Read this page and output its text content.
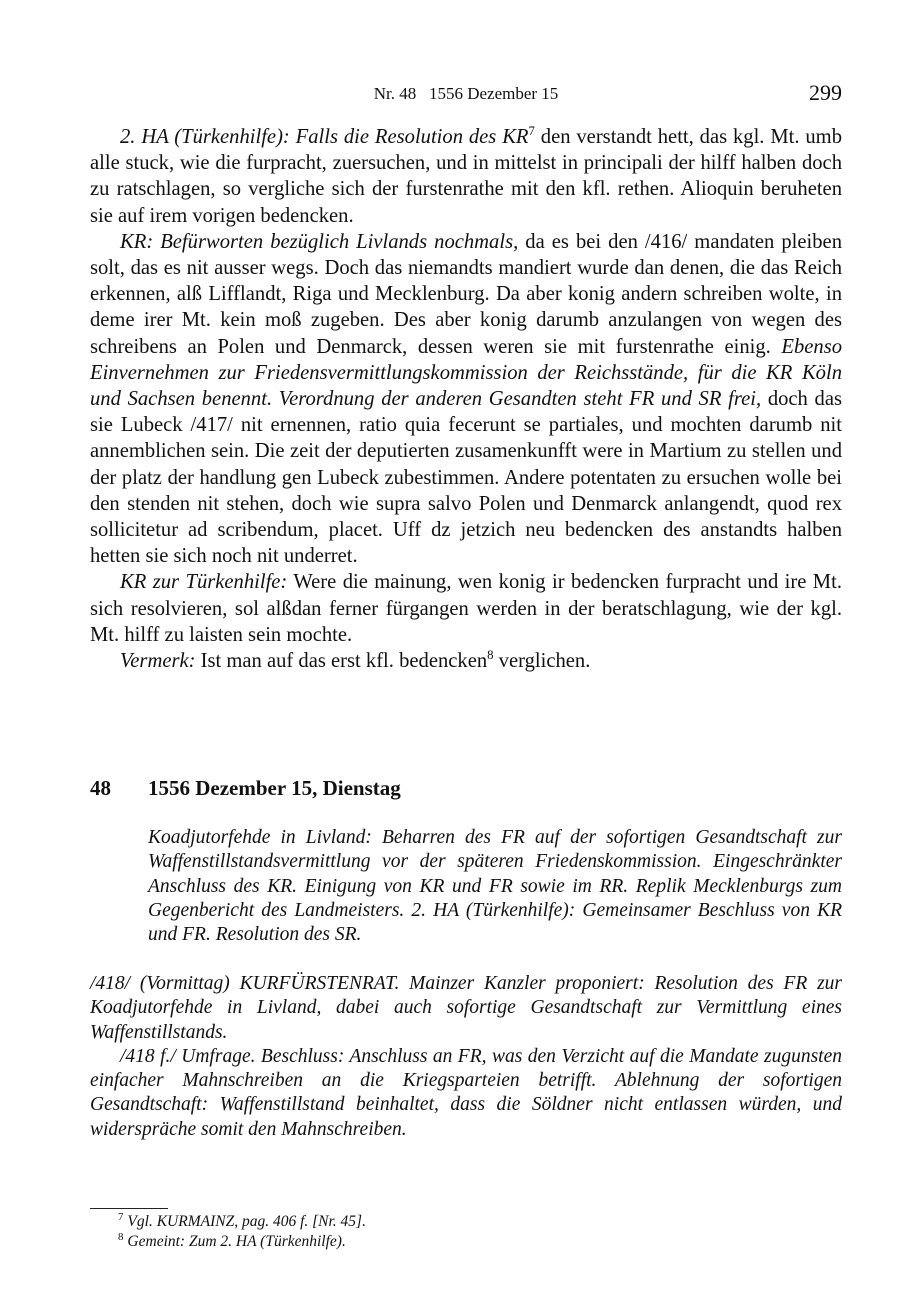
Nr. 48   1556 Dezember 15	299

2. HA (Türkenhilfe): Falls die Resolution des $KR^7$ den verstandt hett, das kgl. Mt. umb alle stuck, wie die furpracht, zuersuchen, und in mittelst in principali der hilff halben doch zu ratschlagen, so vergliche sich der furstenrathe mit den kfl. rethen. Alioquin beruheten sie auf irem vorigen bedencken.

KR: Befürworten bezüglich Livlands nochmals, da es bei den /416/ mandaten pleiben solt, das es nit ausser wegs. Doch das niemandts mandiert wurde dan denen, die das Reich erkennen, alß Lifflandt, Riga und Mecklenburg. Da aber konig andern schreiben wolte, in deme irer Mt. kein moß zugeben. Des aber konig darumb anzulangen von wegen des schreibens an Polen und Denmarck, dessen weren sie mit furstenrathe einig. Ebenso Einvernehmen zur Friedensvermittlungskommission der Reichsstände, für die KR Köln und Sachsen benennt. Verordnung der anderen Gesandten steht FR und SR frei, doch das sie Lubeck /417/ nit ernennen, ratio quia fecerunt se partiales, und mochten darumb nit annemblichen sein. Die zeit der deputierten zusamenkunfft were in Martium zu stellen und der platz der handlung gen Lubeck zubestimmen. Andere potentaten zu ersuchen wolle bei den stenden nit stehen, doch wie supra salvo Polen und Denmarck anlangendt, quod rex sollicitetur ad scribendum, placet. Uff dz jetzich neu bedencken des anstandts halben hetten sie sich noch nit underret.

KR zur Türkenhilfe: Were die mainung, wen konig ir bedencken furpracht und ire Mt. sich resolvieren, sol alßdan ferner fürgangen werden in der beratschlagung, wie der kgl. Mt. hilff zu laisten sein mochte.

Vermerk: Ist man auf das erst kfl. bedencken$^8$ verglichen.

48 1556 Dezember 15, Dienstag
Koadjutorfehde in Livland: Beharren des FR auf der sofortigen Gesandtschaft zur Waffenstillstandsvermittlung vor der späteren Friedenskommission. Eingeschränkter Anschluss des KR. Einigung von KR und FR sowie im RR. Replik Mecklenburgs zum Gegenbericht des Landmeisters. 2. HA (Türkenhilfe): Gemeinsamer Beschluss von KR und FR. Resolution des SR.

/418/ (Vormittag) KURFÜRSTENRAT. Mainzer Kanzler proponiert: Resolution des FR zur Koadjutorfehde in Livland, dabei auch sofortige Gesandtschaft zur Vermittlung eines Waffenstillstands.

/418 f./ Umfrage. Beschluss: Anschluss an FR, was den Verzicht auf die Mandate zugunsten einfacher Mahnschreiben an die Kriegsparteien betrifft. Ablehnung der sofortigen Gesandtschaft: Waffenstillstand beinhaltet, dass die Söldner nicht entlassen würden, und widerspräche somit den Mahnschreiben.

$^7$ Vgl. KURMAINZ, pag. 406 f. [Nr. 45].
$^8$ Gemeint: Zum 2. HA (Türkenhilfe).
